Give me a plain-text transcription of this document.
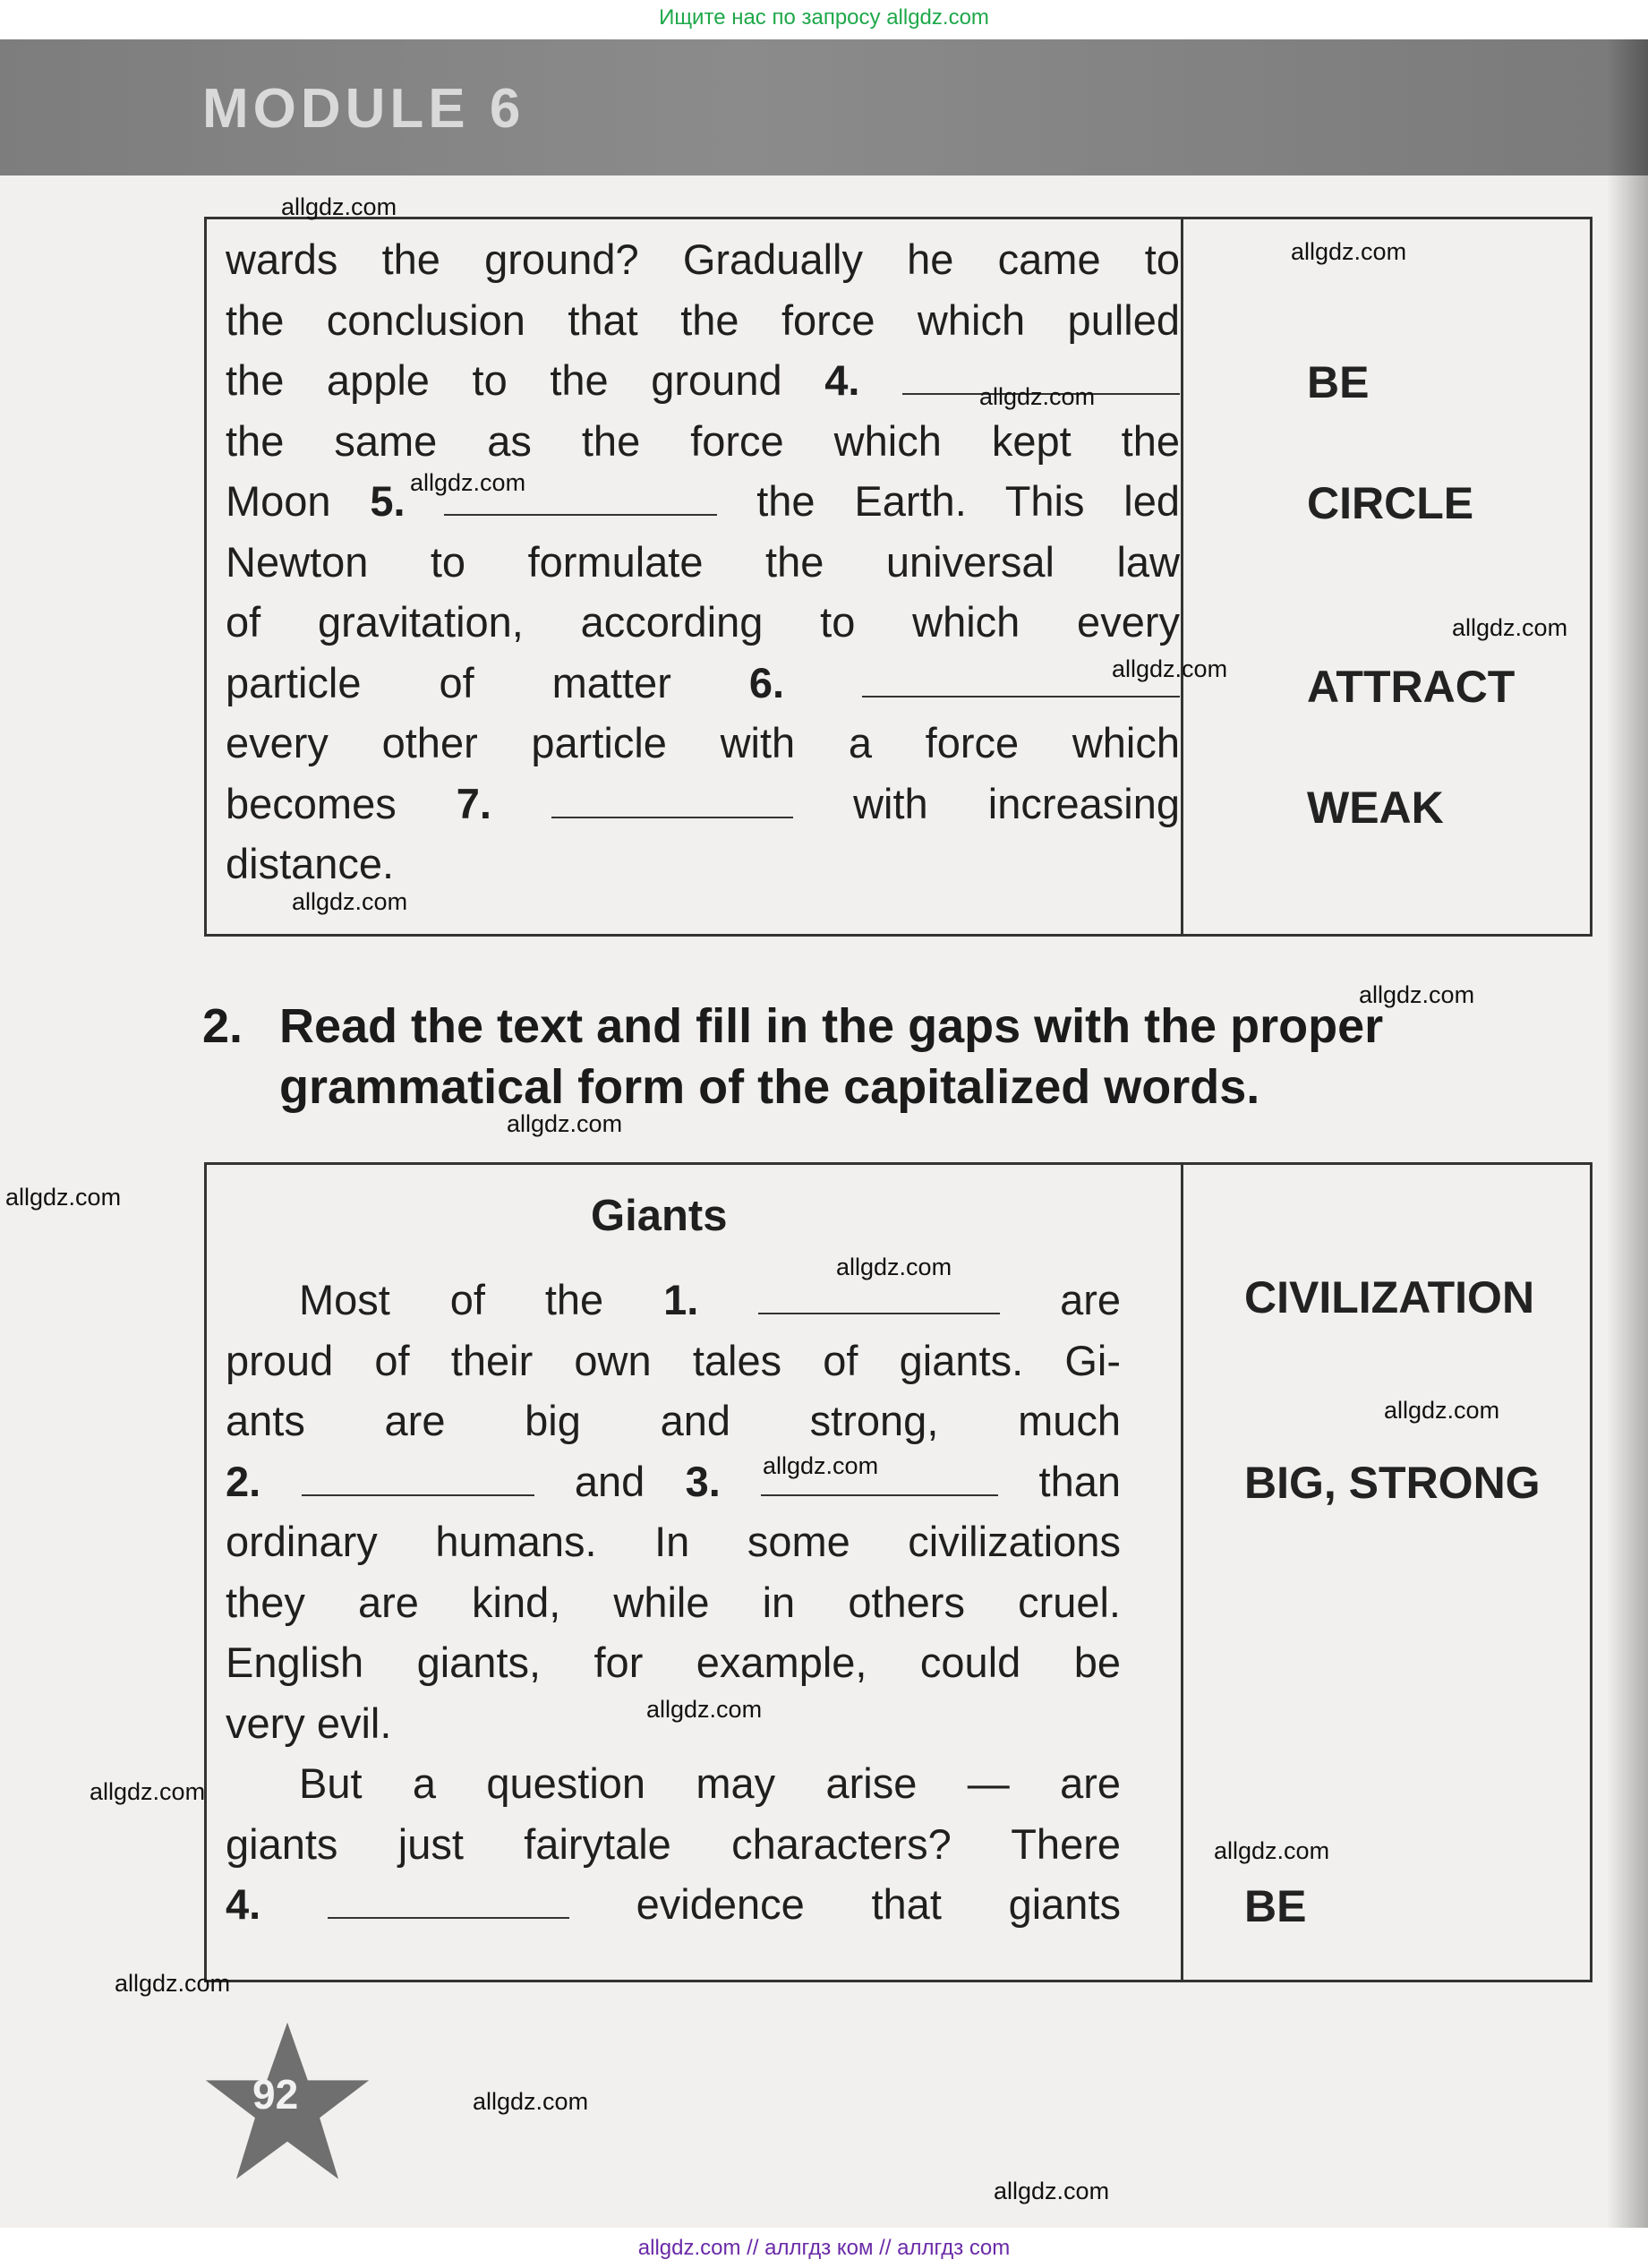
Ищите нас по запросу allgdz.com
MODULE 6
wards the ground? Gradually he came to
the conclusion that the force which pulled
the apple to the ground 4.
the same as the force which kept the
Moon 5.	the Earth. This led
Newton to formulate the universal law
of gravitation, according to which every
particle of matter 6.
every other particle with a force which
becomes 7.	with increasing
distance.
BE
CIRCLE
ATTRACT
WEAK
2. Read the text and fill in the gaps with the proper
grammatical form of the capitalized words.
Giants
Most of the 1.	are
proud of their own tales of giants. Gi-
ants are big and strong, much
2.	and 3.	than
ordinary humans. In some civilizations
they are kind, while in others cruel.
English giants, for example, could be
very evil.
But a question may arise — are
giants just fairytale characters? There
4.	evidence that giants
CIVILIZATION
BIG, STRONG
BE
92
allgdz.com
allgdz.com
allgdz.com
allgdz.com
allgdz.com
allgdz.com
allgdz.com
allgdz.com
allgdz.com
allgdz.com
allgdz.com
allgdz.com
allgdz.com
allgdz.com
allgdz.com
allgdz.com
allgdz.com
allgdz.com
allgdz.com
allgdz.com // аллгдз ком // аллгдз com
